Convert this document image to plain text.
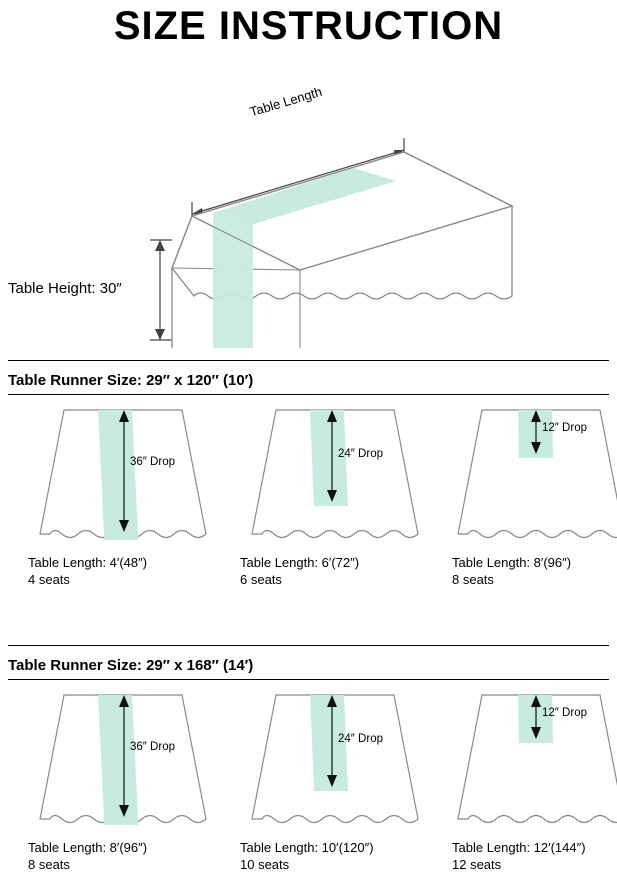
SIZE INSTRUCTION
Table Height: 30″
Table Length
Table Runner Size: 29″ x 120″ (10′)
36″ Drop
Table Length: 4′(48″)
4 seats
24″ Drop
Table Length: 6′(72″)
6 seats
12″ Drop
Table Length: 8′(96″)
8 seats
Table Runner Size: 29″ x 168″ (14′)
36″ Drop
Table Length: 8′(96″)
8 seats
24″ Drop
Table Length: 10′(120″)
10 seats
12″ Drop
Table Length: 12′(144″)
12 seats
